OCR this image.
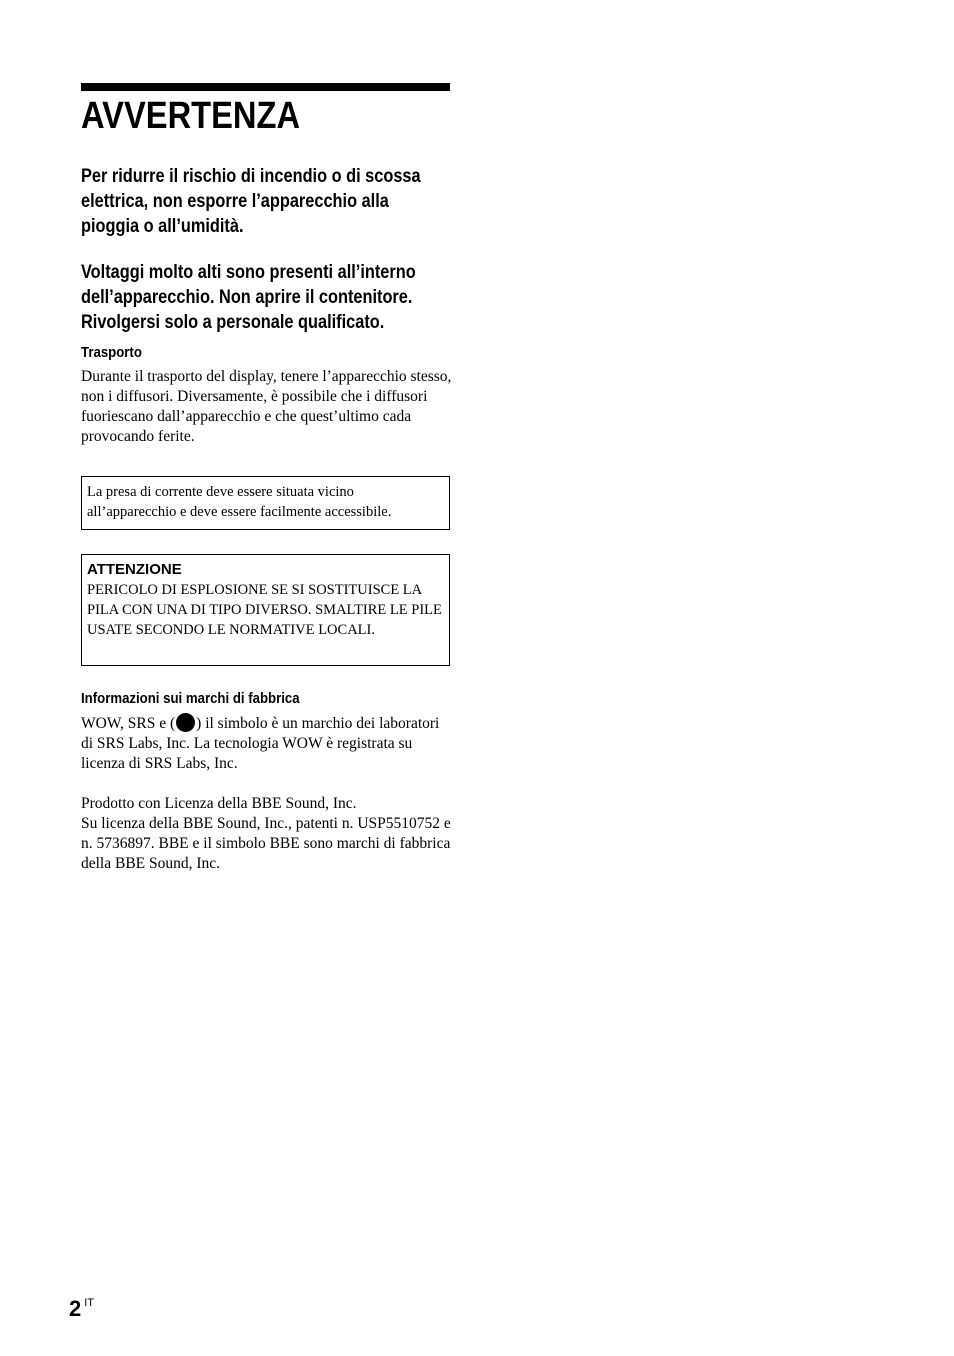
AVVERTENZA

Per ridurre il rischio di incendio o di scossa elettrica, non esporre l’apparecchio alla pioggia o all’umidità.

Voltaggi molto alti sono presenti all’interno dell’apparecchio. Non aprire il contenitore. Rivolgersi solo a personale qualificato.

Trasporto

Durante il trasporto del display, tenere l’apparecchio stesso, non i diffusori. Diversamente, è possibile che i diffusori fuoriescano dall’apparecchio e che quest’ultimo cada provocando ferite.

La presa di corrente deve essere situata vicino all’apparecchio e deve essere facilmente accessibile.

ATTENZIONE

PERICOLO DI ESPLOSIONE SE SI SOSTITUISCE LA PILA CON UNA DI TIPO DIVERSO. SMALTIRE LE PILE USATE SECONDO LE NORMATIVE LOCALI.

Informazioni sui marchi di fabbrica

WOW, SRS e ( ) il simbolo è un marchio dei laboratori di SRS Labs, Inc. La tecnologia WOW è registrata su licenza di SRS Labs, Inc.

Prodotto con Licenza della BBE Sound, Inc.
Su licenza della BBE Sound, Inc., patenti n. USP5510752 e n. 5736897. BBE e il simbolo BBE sono marchi di fabbrica della BBE Sound, Inc.

2 $^{IT}$
